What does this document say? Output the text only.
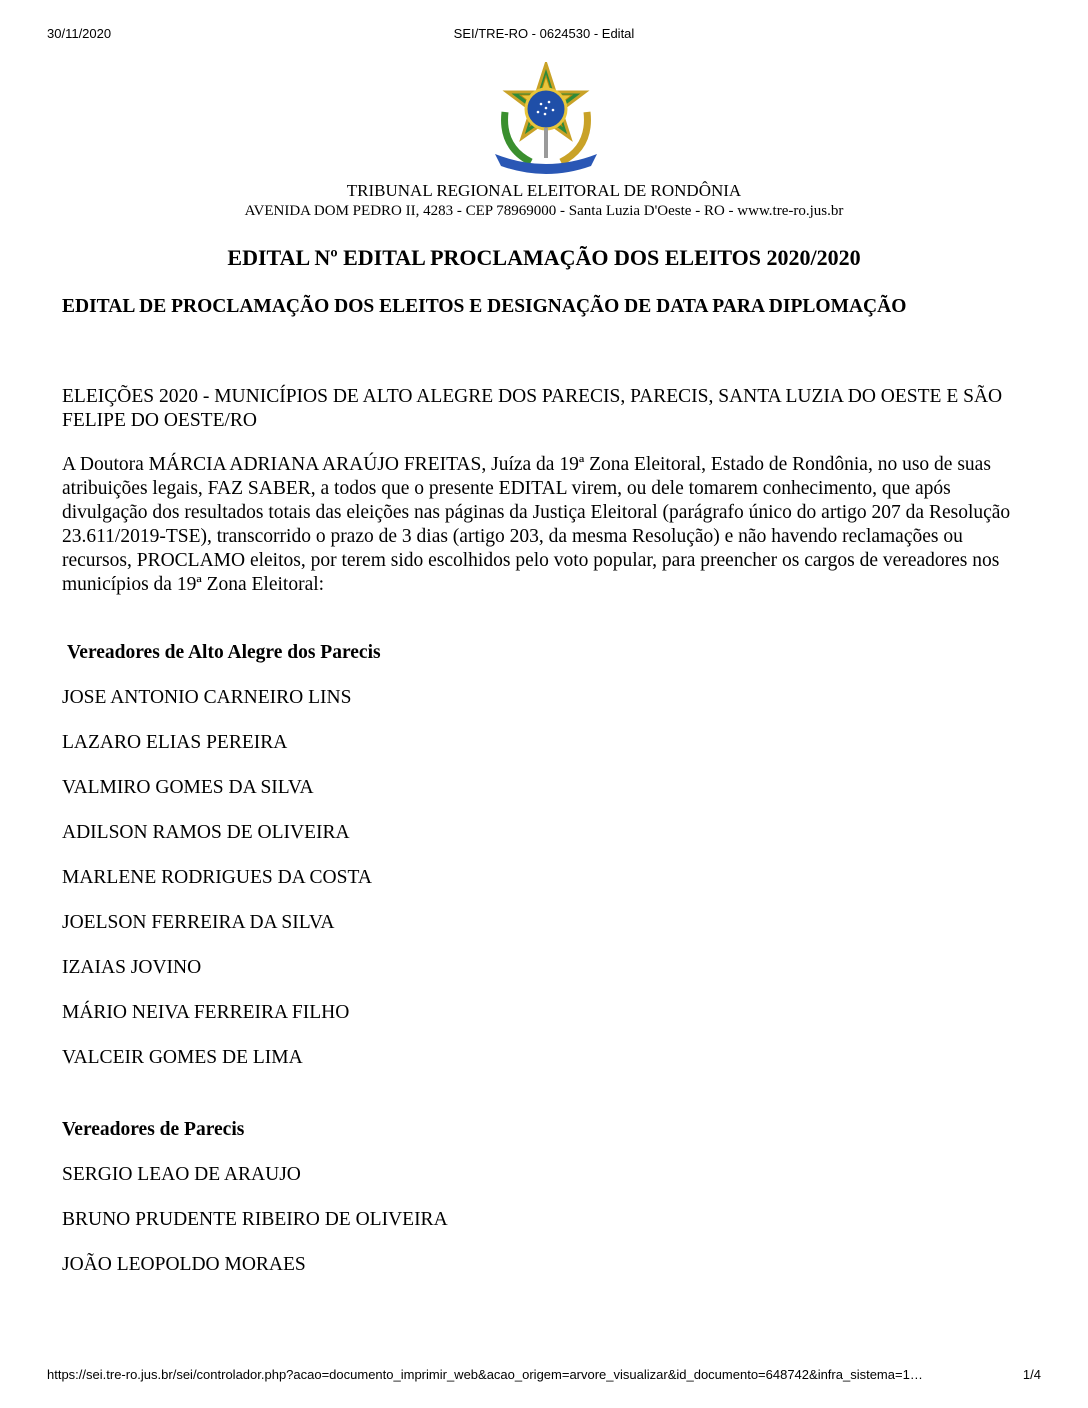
30/11/2020	SEI/TRE-RO - 0624530 - Edital
TRIBUNAL REGIONAL ELEITORAL DE RONDÔNIA
AVENIDA DOM PEDRO II, 4283 - CEP 78969000 - Santa Luzia D'Oeste - RO - www.tre-ro.jus.br
EDITAL Nº EDITAL PROCLAMAÇÃO DOS ELEITOS 2020/2020
EDITAL DE PROCLAMAÇÃO DOS ELEITOS E DESIGNAÇÃO DE DATA PARA DIPLOMAÇÃO

ELEIÇÕES 2020 - MUNICÍPIOS DE ALTO ALEGRE DOS PARECIS, PARECIS, SANTA LUZIA DO OESTE E SÃO FELIPE DO OESTE/RO

A Doutora MÁRCIA ADRIANA ARAÚJO FREITAS, Juíza da 19ª Zona Eleitoral, Estado de Rondônia, no uso de suas atribuições legais, FAZ SABER, a todos que o presente EDITAL virem, ou dele tomarem conhecimento, que após divulgação dos resultados totais das eleições nas páginas da Justiça Eleitoral (parágrafo único do artigo 207 da Resolução 23.611/2019-TSE), transcorrido o prazo de 3 dias (artigo 203, da mesma Resolução) e não havendo reclamações ou recursos, PROCLAMO eleitos, por terem sido escolhidos pelo voto popular, para preencher os cargos de vereadores nos municípios da 19ª Zona Eleitoral:

Vereadores de Alto Alegre dos Parecis

JOSE ANTONIO CARNEIRO LINS
LAZARO ELIAS PEREIRA
VALMIRO GOMES DA SILVA
ADILSON RAMOS DE OLIVEIRA
MARLENE RODRIGUES DA COSTA
JOELSON FERREIRA DA SILVA
IZAIAS JOVINO
MÁRIO NEIVA FERREIRA FILHO
VALCEIR GOMES DE LIMA

Vereadores de Parecis

SERGIO LEAO DE ARAUJO
BRUNO PRUDENTE RIBEIRO DE OLIVEIRA
JOÃO LEOPOLDO MORAES
https://sei.tre-ro.jus.br/sei/controlador.php?acao=documento_imprimir_web&acao_origem=arvore_visualizar&id_documento=648742&infra_sistema=1…	1/4
